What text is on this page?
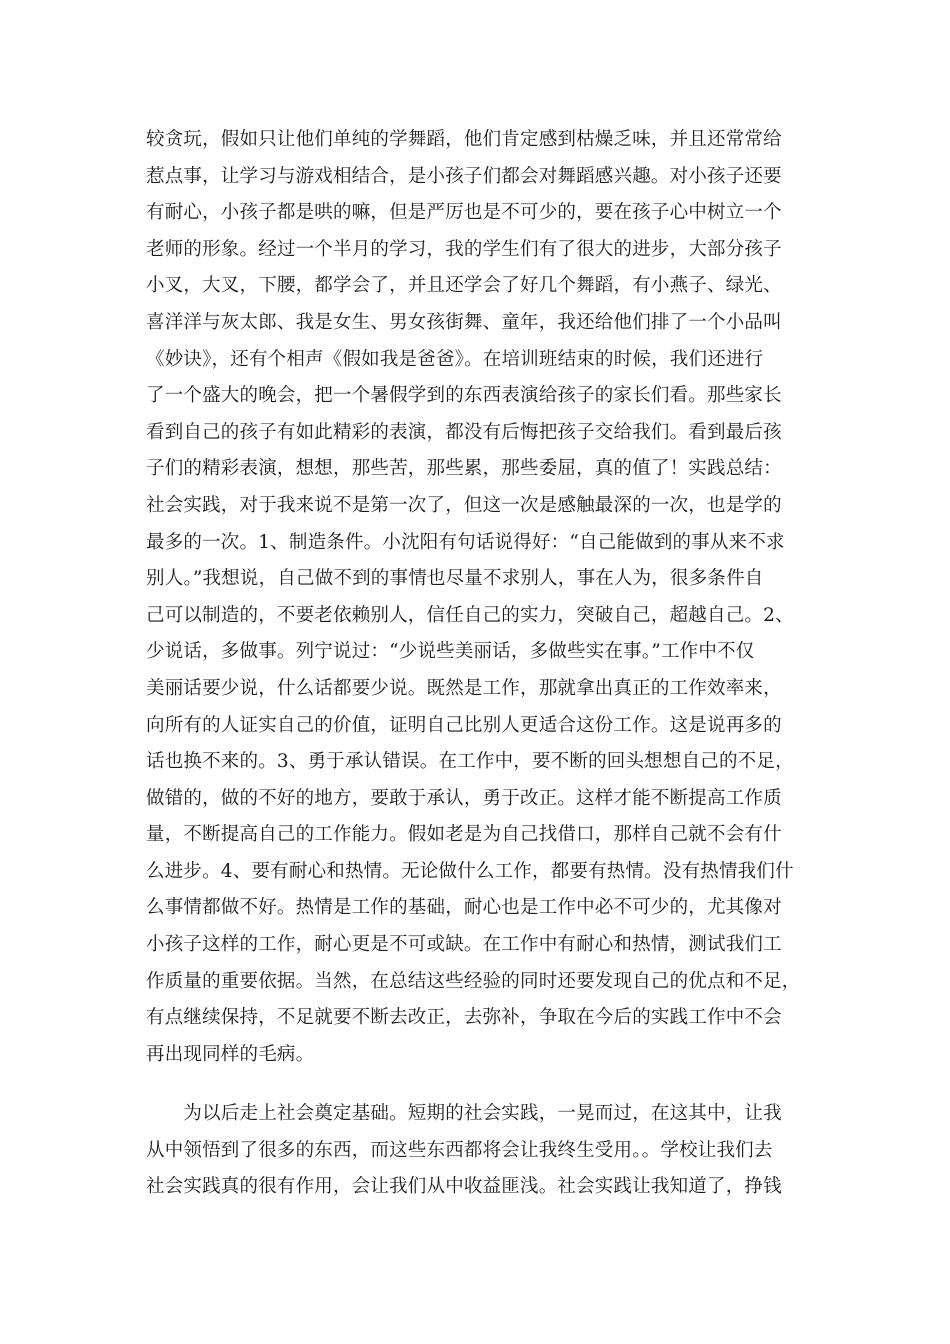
较贪玩，假如只让他们单纯的学舞蹈，他们肯定感到枯燥乏味，并且还常常给
惹点事，让学习与游戏相结合，是小孩子们都会对舞蹈感兴趣。对小孩子还要
有耐心，小孩子都是哄的嘛，但是严厉也是不可少的，要在孩子心中树立一个
老师的形象。经过一个半月的学习，我的学生们有了很大的进步，大部分孩子
小叉，大叉，下腰，都学会了，并且还学会了好几个舞蹈，有小燕子、绿光、
喜洋洋与灰太郎、我是女生、男女孩街舞、童年，我还给他们排了一个小品叫
《妙诀》，还有个相声《假如我是爸爸》。在培训班结束的时候，我们还进行
了一个盛大的晚会，把一个暑假学到的东西表演给孩子的家长们看。那些家长
看到自己的孩子有如此精彩的表演，都没有后悔把孩子交给我们。看到最后孩
子们的精彩表演，想想，那些苦，那些累，那些委屈，真的值了！实践总结：
社会实践，对于我来说不是第一次了，但这一次是感触最深的一次，也是学的
最多的一次。1、制造条件。小沈阳有句话说得好：“自己能做到的事从来不求
别人。”我想说，自己做不到的事情也尽量不求别人，事在人为，很多条件自
己可以制造的，不要老依赖别人，信任自己的实力，突破自己，超越自己。2、
少说话，多做事。列宁说过：“少说些美丽话，多做些实在事。”工作中不仅
美丽话要少说，什么话都要少说。既然是工作，那就拿出真正的工作效率来，
向所有的人证实自己的价值，证明自己比别人更适合这份工作。这是说再多的
话也换不来的。3、勇于承认错误。在工作中，要不断的回头想想自己的不足，
做错的，做的不好的地方，要敢于承认，勇于改正。这样才能不断提高工作质
量，不断提高自己的工作能力。假如老是为自己找借口，那样自己就不会有什
么进步。4、要有耐心和热情。无论做什么工作，都要有热情。没有热情我们什
么事情都做不好。热情是工作的基础，耐心也是工作中必不可少的，尤其像对
小孩子这样的工作，耐心更是不可或缺。在工作中有耐心和热情，测试我们工
作质量的重要依据。当然，在总结这些经验的同时还要发现自己的优点和不足，
有点继续保持，不足就要不断去改正，去弥补，争取在今后的实践工作中不会
再出现同样的毛病。
　　为以后走上社会奠定基础。短期的社会实践，一晃而过，在这其中，让我
从中领悟到了很多的东西，而这些东西都将会让我终生受用。。学校让我们去
社会实践真的很有作用，会让我们从中收益匪浅。社会实践让我知道了，挣钱
